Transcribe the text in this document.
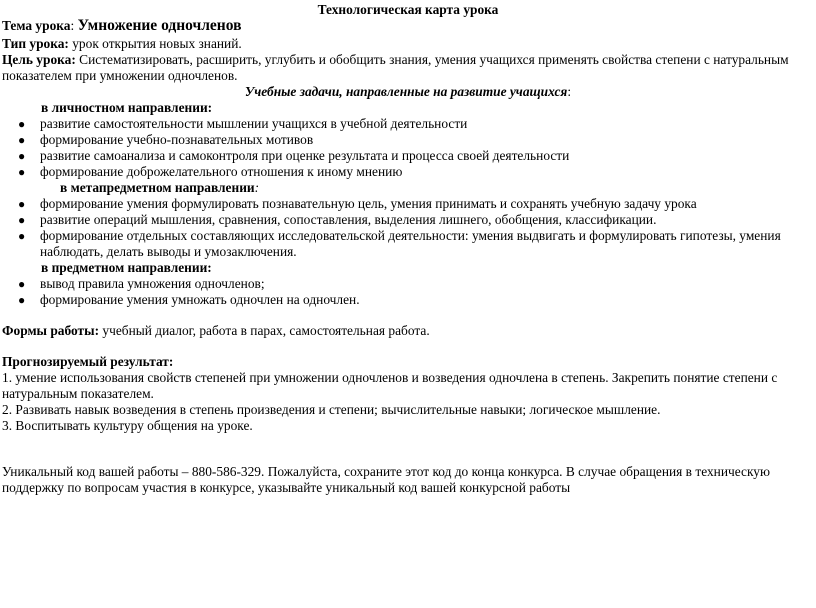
Технологическая карта урока
Тема урока: Умножение одночленов
Тип урока: урок открытия новых знаний.
Цель урока: Систематизировать, расширить, углубить и обобщить знания, умения учащихся применять свойства степени с натуральным
показателем при умножении одночленов.
Учебные задачи, направленные на развитие учащихся:
в личностном направлении:
● развитие самостоятельности мышлении учащихся в учебной деятельности
● формирование учебно-познавательных мотивов
● развитие самоанализа и самоконтроля при оценке результата и процесса своей деятельности
● формирование доброжелательного отношения к иному мнению
в метапредметном направлении:
● формирование умения формулировать познавательную цель, умения принимать и сохранять учебную задачу урока
● развитие операций мышления, сравнения, сопоставления, выделения лишнего, обобщения, классификации.
● формирование отдельных составляющих исследовательской деятельности: умения выдвигать и формулировать гипотезы, умения
наблюдать, делать выводы и умозаключения.
в предметном направлении:
● вывод правила умножения одночленов;
● формирование умения умножать одночлен на одночлен.
Формы работы: учебный диалог, работа в парах, самостоятельная работа.
Прогнозируемый результат:
1. умение использования свойств степеней при умножении одночленов и возведения одночлена в степень. Закрепить понятие степени с
натуральным показателем.
2. Развивать навык возведения в степень произведения и степени; вычислительные навыки; логическое мышление.
3. Воспитывать культуру общения на уроке.
Уникальный код вашей работы – 880-586-329. Пожалуйста, сохраните этот код до конца конкурса. В случае обращения в техническую
поддержку по вопросам участия в конкурсе, указывайте уникальный код вашей конкурсной работы
